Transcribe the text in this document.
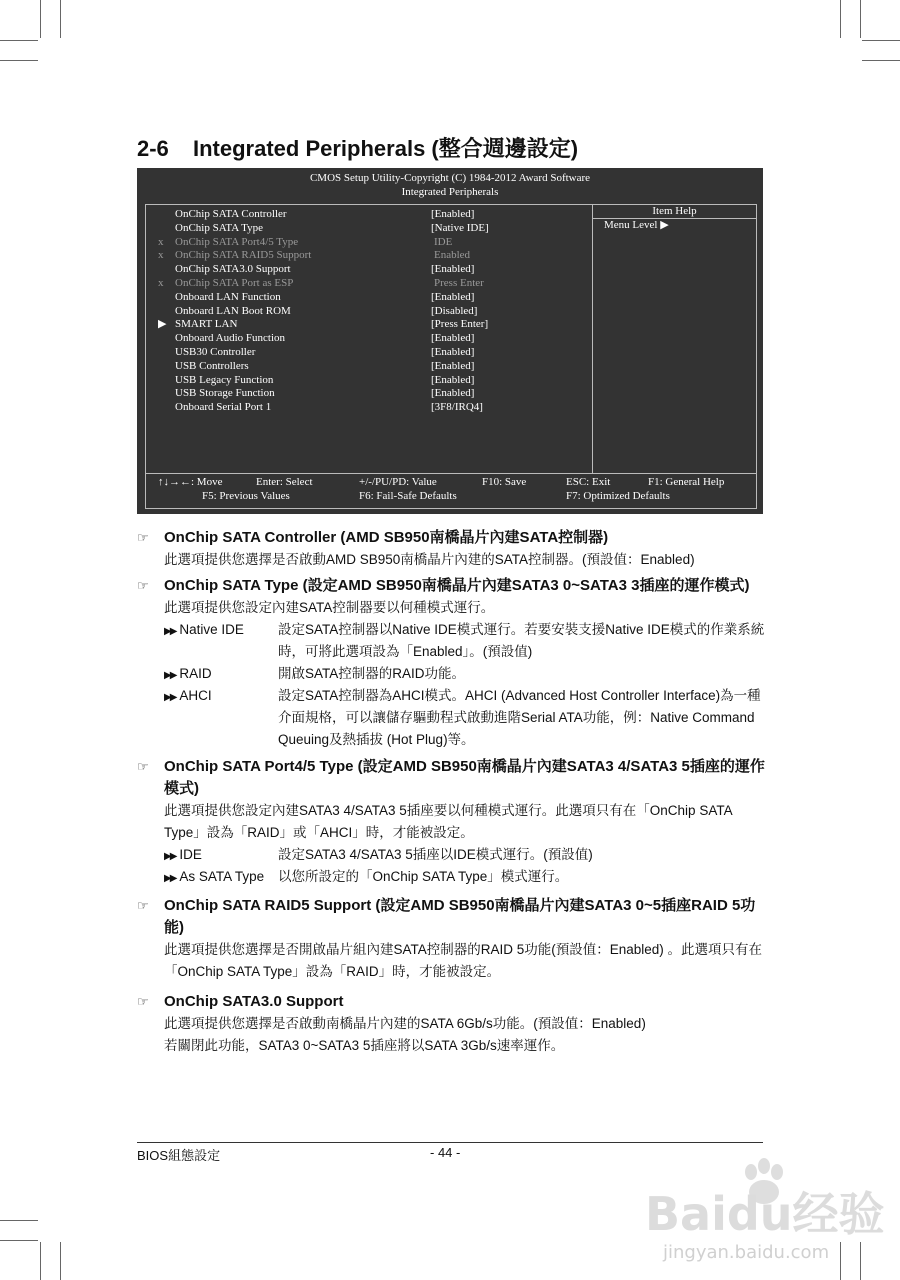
2-6 Integrated Peripherals (整合週邊設定)
CMOS Setup Utility-Copyright (C) 1984-2012 Award Software
Integrated Peripherals
OnChip SATA Controller	[Enabled]
OnChip SATA Type	[Native IDE]
x OnChip SATA Port4/5 Type	IDE
x OnChip SATA RAID5 Support	Enabled
OnChip SATA3.0 Support	[Enabled]
x OnChip SATA Port as ESP	Press Enter
Onboard LAN Function	[Enabled]
Onboard LAN Boot ROM	[Disabled]
▶ SMART LAN	[Press Enter]
Onboard Audio Function	[Enabled]
USB30 Controller	[Enabled]
USB Controllers	[Enabled]
USB Legacy Function	[Enabled]
USB Storage Function	[Enabled]
Onboard Serial Port 1	[3F8/IRQ4]
Item Help
Menu Level ▶
↑↓→←: Move	Enter: Select	+/-/PU/PD: Value	F10: Save	ESC: Exit	F1: General Help
F5: Previous Values	F6: Fail-Safe Defaults	F7: Optimized Defaults
☞ OnChip SATA Controller (AMD SB950南橋晶片內建SATA控制器)
此選項提供您選擇是否啟動AMD SB950南橋晶片內建的SATA控制器。(預設值：Enabled)
☞ OnChip SATA Type (設定AMD SB950南橋晶片內建SATA3 0~SATA3 3插座的運作模式)
此選項提供您設定內建SATA控制器要以何種模式運行。
▶▶ Native IDE	設定SATA控制器以Native IDE模式運行。若要安裝支援Native IDE模式的作業系統時，可將此選項設為「Enabled」。(預設值)
▶▶ RAID	開啟SATA控制器的RAID功能。
▶▶ AHCI	設定SATA控制器為AHCI模式。AHCI (Advanced Host Controller Interface)為一種介面規格，可以讓儲存驅動程式啟動進階Serial ATA功能，例：Native Command Queuing及熱插拔 (Hot Plug)等。
☞ OnChip SATA Port4/5 Type (設定AMD SB950南橋晶片內建SATA3 4/SATA3 5插座的運作模式)
此選項提供您設定內建SATA3 4/SATA3 5插座要以何種模式運行。此選項只有在「OnChip SATA Type」設為「RAID」或「AHCI」時，才能被設定。
▶▶ IDE	設定SATA3 4/SATA3 5插座以IDE模式運行。(預設值)
▶▶ As SATA Type 以您所設定的「OnChip SATA Type」模式運行。
☞ OnChip SATA RAID5 Support (設定AMD SB950南橋晶片內建SATA3 0~5插座RAID 5功能)
此選項提供您選擇是否開啟晶片組內建SATA控制器的RAID 5功能(預設值：Enabled) 。此選項只有在「OnChip SATA Type」設為「RAID」時，才能被設定。
☞ OnChip SATA3.0 Support
此選項提供您選擇是否啟動南橋晶片內建的SATA 6Gb/s功能。(預設值：Enabled)
若關閉此功能，SATA3 0~SATA3 5插座將以SATA 3Gb/s速率運作。
BIOS組態設定	- 44 -
Baidu经验
jingyan.baidu.com
